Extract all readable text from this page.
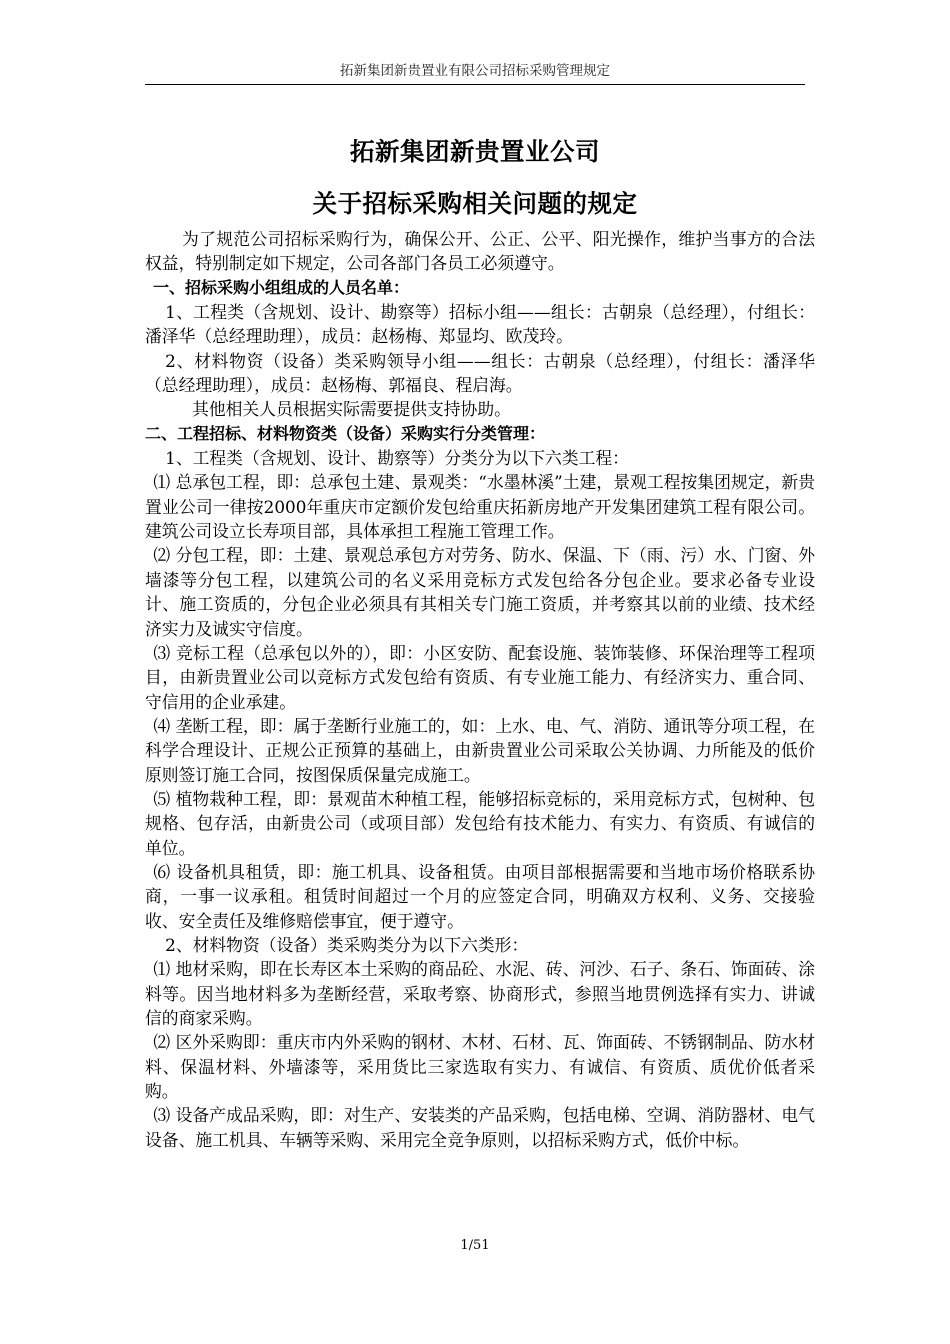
拓新集团新贵置业有限公司招标采购管理规定
拓新集团新贵置业公司
关于招标采购相关问题的规定

为了规范公司招标采购行为，确保公开、公正、公平、阳光操作，维护当事方的合法权益，特别制定如下规定，公司各部门各员工必须遵守。

一、招标采购小组组成的人员名单：

1、工程类（含规划、设计、勘察等）招标小组——组长：古朝泉（总经理），付组长：潘泽华（总经理助理），成员：赵杨梅、郑显均、欧茂玲。

2、材料物资（设备）类采购领导小组——组长：古朝泉（总经理），付组长：潘泽华（总经理助理），成员：赵杨梅、郭福良、程启海。

其他相关人员根据实际需要提供支持协助。

二、工程招标、材料物资类（设备）采购实行分类管理：

1、工程类（含规划、设计、勘察等）分类分为以下六类工程：

⑴ 总承包工程，即：总承包土建、景观类：“水墨林溪”土建，景观工程按集团规定，新贵置业公司一律按2000年重庆市定额价发包给重庆拓新房地产开发集团建筑工程有限公司。建筑公司设立长寿项目部，具体承担工程施工管理工作。

⑵ 分包工程，即：土建、景观总承包方对劳务、防水、保温、下（雨、污）水、门窗、外墙漆等分包工程，以建筑公司的名义采用竞标方式发包给各分包企业。要求必备专业设计、施工资质的，分包企业必须具有其相关专门施工资质，并考察其以前的业绩、技术经济实力及诚实守信度。

⑶ 竞标工程（总承包以外的），即：小区安防、配套设施、装饰装修、环保治理等工程项目，由新贵置业公司以竞标方式发包给有资质、有专业施工能力、有经济实力、重合同、守信用的企业承建。

⑷ 垄断工程，即：属于垄断行业施工的，如：上水、电、气、消防、通讯等分项工程，在科学合理设计、正规公正预算的基础上，由新贵置业公司采取公关协调、力所能及的低价原则签订施工合同，按图保质保量完成施工。

⑸ 植物栽种工程，即：景观苗木种植工程，能够招标竞标的，采用竞标方式，包树种、包规格、包存活，由新贵公司（或项目部）发包给有技术能力、有实力、有资质、有诚信的单位。

⑹ 设备机具租赁，即：施工机具、设备租赁。由项目部根据需要和当地市场价格联系协商，一事一议承租。租赁时间超过一个月的应签定合同，明确双方权利、义务、交接验收、安全责任及维修赔偿事宜，便于遵守。

2、材料物资（设备）类采购类分为以下六类形：

⑴ 地材采购，即在长寿区本土采购的商品砼、水泥、砖、河沙、石子、条石、饰面砖、涂料等。因当地材料多为垄断经营，采取考察、协商形式，参照当地贯例选择有实力、讲诚信的商家采购。

⑵ 区外采购即：重庆市内外采购的钢材、木材、石材、瓦、饰面砖、不锈钢制品、防水材料、保温材料、外墙漆等，采用货比三家选取有实力、有诚信、有资质、质优价低者采购。

⑶ 设备产成品采购，即：对生产、安装类的产品采购，包括电梯、空调、消防器材、电气设备、施工机具、车辆等采购、采用完全竞争原则，以招标采购方式，低价中标。

1/51
